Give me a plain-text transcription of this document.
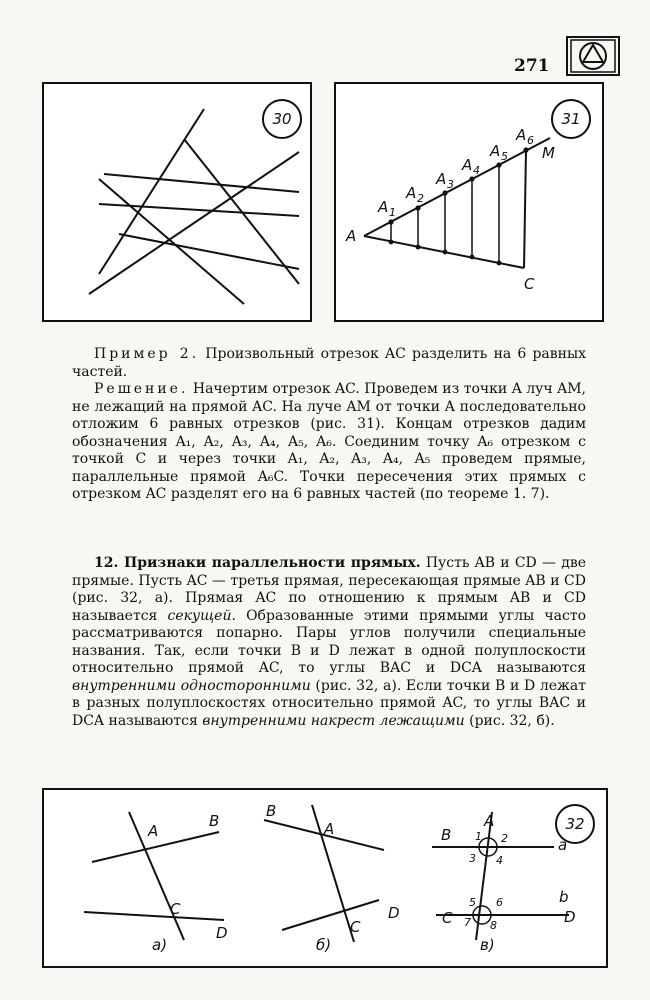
271
30
A
A 1
A 2
A 3
A 4
A 5
A 6
M
C
31

Пример 2. Произвольный отрезок AC разделить на 6 равных частей.

Решение. Начертим отрезок AC. Проведем из точки A луч AM, не лежащий на прямой AC. На луче AM от точки A последовательно отложим 6 равных отрезков (рис. 31). Концам отрезков дадим обозначения A₁, A₂, A₃, A₄, A₅, A₆. Соединим точку A₆ отрезком с точкой C и через точки A₁, A₂, A₃, A₄, A₅ проведем прямые, параллельные прямой A₆C. Точки пересечения этих прямых с отрезком AC разделят его на 6 равных частей (по теореме 1. 7).

12. Признаки параллельности прямых. Пусть AB и CD — две прямые. Пусть AC — третья прямая, пересекающая прямые AB и CD (рис. 32, а). Прямая AC по отношению к прямым AB и CD называется секущей. Образованные этими прямыми углы часто рассматриваются попарно. Пары углов получили специальные названия. Так, если точки B и D лежат в одной полуплоскости относительно прямой AC, то углы BAC и DCA называются внутренними односторонними (рис. 32, а). Если точки B и D лежат в разных полуплоскостях относительно прямой AC, то углы BAC и DCA называются внутренними накрест лежащими (рис. 32, б).

A
B
C
D
а)
B
A
C
D
б)
B
A
a
b
C	D
1 2
3 4
5 6
7 8
в)
32
